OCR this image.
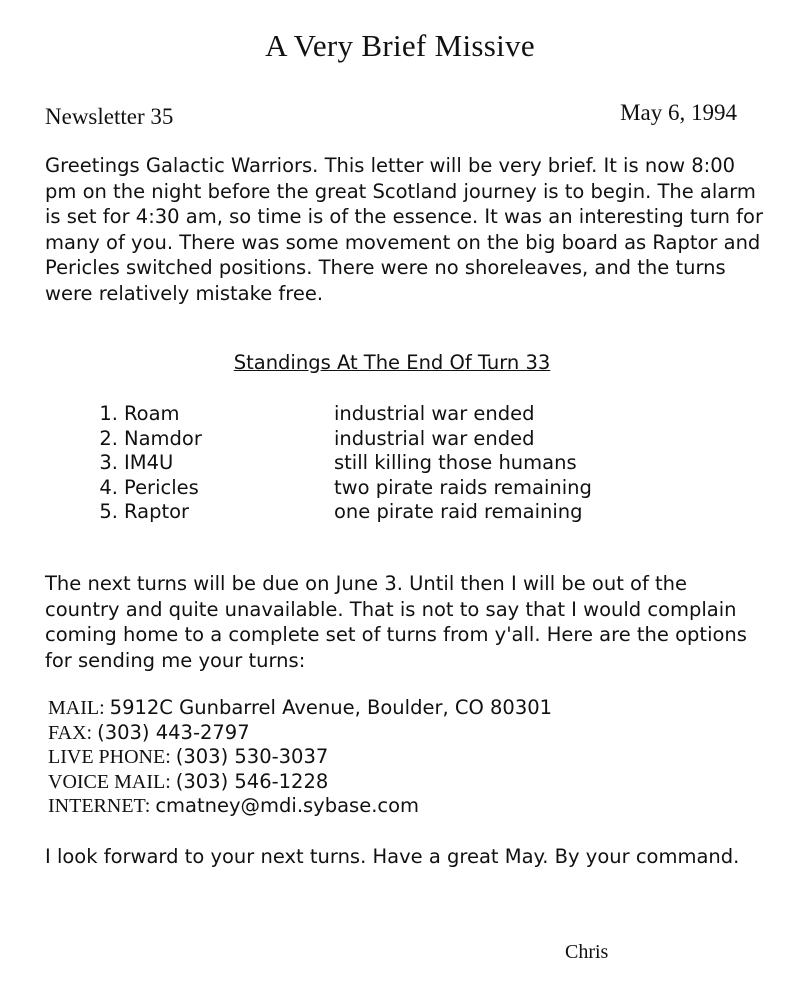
A Very Brief Missive
Newsletter 35	May 6, 1994

Greetings Galactic Warriors. This letter will be very brief. It is now 8:00 pm on the night before the great Scotland journey is to begin. The alarm is set for 4:30 am, so time is of the essence. It was an interesting turn for many of you. There was some movement on the big board as Raptor and Pericles switched positions. There were no shoreleaves, and the turns were relatively mistake free.

Standings At The End Of Turn 33
1. Roam	industrial war ended
2. Namdor	industrial war ended
3. IM4U	still killing those humans
4. Pericles	two pirate raids remaining
5. Raptor	one pirate raid remaining

The next turns will be due on June 3. Until then I will be out of the country and quite unavailable. That is not to say that I would complain coming home to a complete set of turns from y'all. Here are the options for sending me your turns:

MAIL: 5912C Gunbarrel Avenue, Boulder, CO 80301
FAX: (303) 443-2797
LIVE PHONE: (303) 530-3037
VOICE MAIL: (303) 546-1228
INTERNET: cmatney@mdi.sybase.com

I look forward to your next turns. Have a great May. By your command.

Chris
